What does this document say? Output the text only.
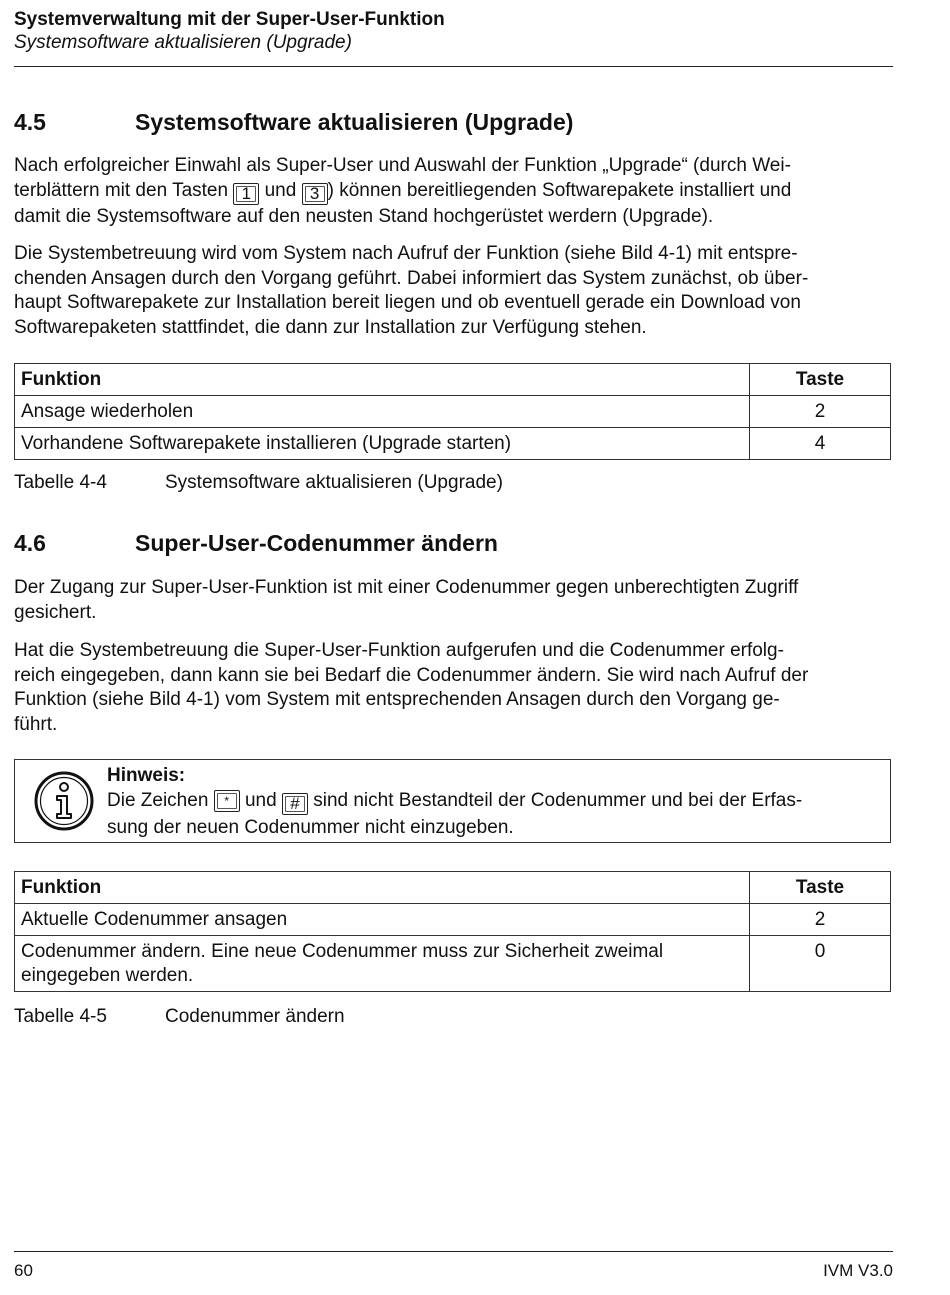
Systemverwaltung mit der Super-User-Funktion
Systemsoftware aktualisieren (Upgrade)
4.5	Systemsoftware aktualisieren (Upgrade)

Nach erfolgreicher Einwahl als Super-User und Auswahl der Funktion „Upgrade“ (durch Wei-
terblättern mit den Tasten 1 und 3 ) können bereitliegenden Softwarepakete installiert und
damit die Systemsoftware auf den neusten Stand hochgerüstet werdern (Upgrade).

Die Systembetreuung wird vom System nach Aufruf der Funktion (siehe Bild 4-1) mit entspre-
chenden Ansagen durch den Vorgang geführt. Dabei informiert das System zunächst, ob über-
haupt Softwarepakete zur Installation bereit liegen und ob eventuell gerade ein Download von
Softwarepaketen stattfindet, die dann zur Installation zur Verfügung stehen.

Funktion	Taste
Ansage wiederholen	2
Vorhandene Softwarepakete installieren (Upgrade starten)	4
Tabelle 4-4	Systemsoftware aktualisieren (Upgrade)
4.6	Super-User-Codenummer ändern

Der Zugang zur Super-User-Funktion ist mit einer Codenummer gegen unberechtigten Zugriff
gesichert.

Hat die Systembetreuung die Super-User-Funktion aufgerufen und die Codenummer erfolg-
reich eingegeben, dann kann sie bei Bedarf die Codenummer ändern. Sie wird nach Aufruf der
Funktion (siehe Bild 4-1) vom System mit entsprechenden Ansagen durch den Vorgang ge-
führt.

Hinweis:
Die Zeichen * und # sind nicht Bestandteil der Codenummer und bei der Erfas-
sung der neuen Codenummer nicht einzugeben.
Funktion	Taste
Aktuelle Codenummer ansagen	2
Codenummer ändern. Eine neue Codenummer muss zur Sicherheit zweimal eingegeben werden.	0
Tabelle 4-5	Codenummer ändern
60	IVM V3.0
